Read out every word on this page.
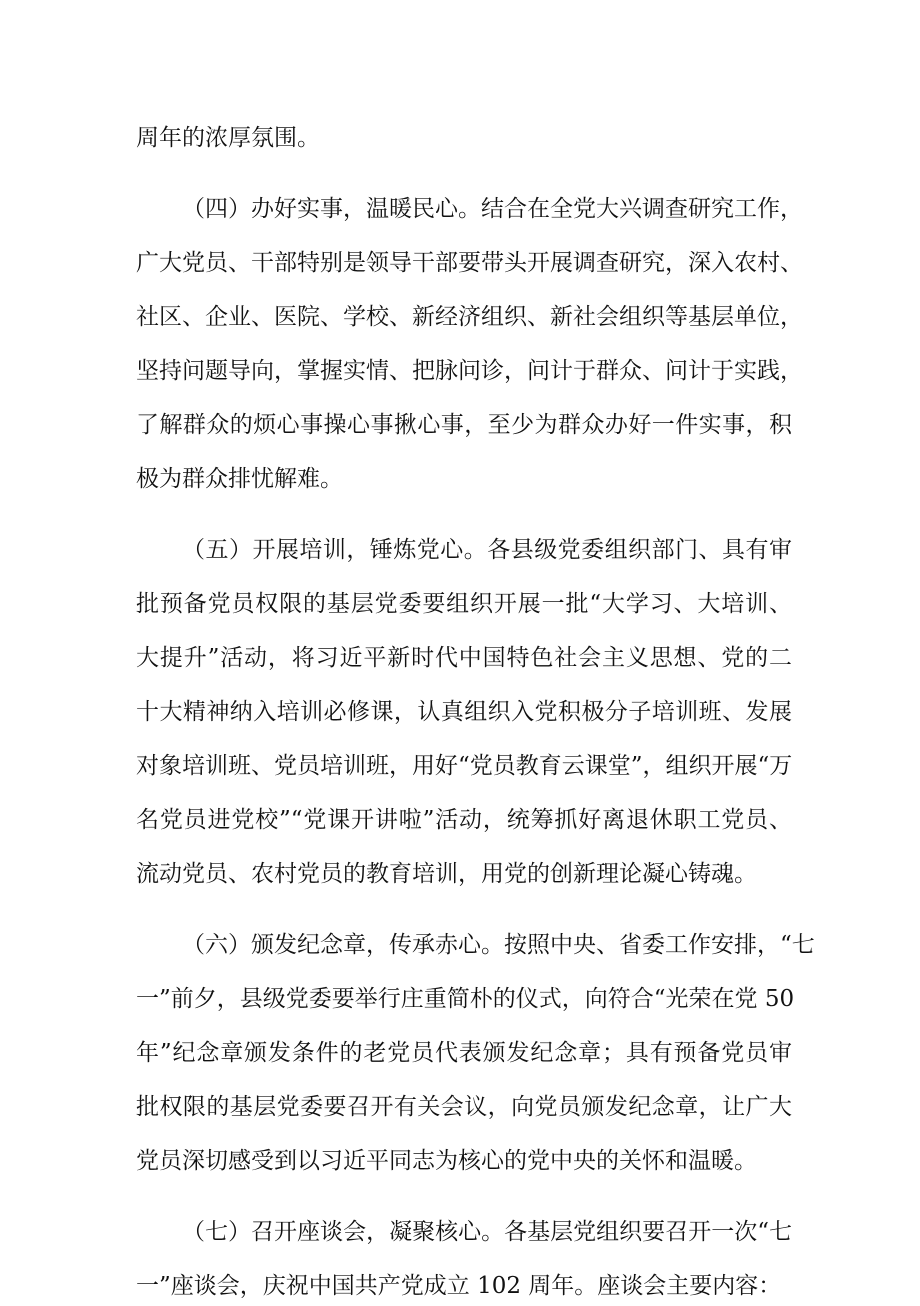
周年的浓厚氛围。
（四）办好实事，温暖民心。结合在全党大兴调查研究工作，
广大党员、干部特别是领导干部要带头开展调查研究，深入农村、
社区、企业、医院、学校、新经济组织、新社会组织等基层单位，
坚持问题导向，掌握实情、把脉问诊，问计于群众、问计于实践，
了解群众的烦心事操心事揪心事，至少为群众办好一件实事，积
极为群众排忧解难。
（五）开展培训，锤炼党心。各县级党委组织部门、具有审
批预备党员权限的基层党委要组织开展一批“大学习、大培训、
大提升”活动，将习近平新时代中国特色社会主义思想、党的二
十大精神纳入培训必修课，认真组织入党积极分子培训班、发展
对象培训班、党员培训班，用好“党员教育云课堂”，组织开展“万
名党员进党校”“党课开讲啦”活动，统筹抓好离退休职工党员、
流动党员、农村党员的教育培训，用党的创新理论凝心铸魂。
（六）颁发纪念章，传承赤心。按照中央、省委工作安排，“七
一”前夕，县级党委要举行庄重简朴的仪式，向符合“光荣在党 50
年”纪念章颁发条件的老党员代表颁发纪念章；具有预备党员审
批权限的基层党委要召开有关会议，向党员颁发纪念章，让广大
党员深切感受到以习近平同志为核心的党中央的关怀和温暖。
（七）召开座谈会，凝聚核心。各基层党组织要召开一次“七
一”座谈会，庆祝中国共产党成立 102 周年。座谈会主要内容：
